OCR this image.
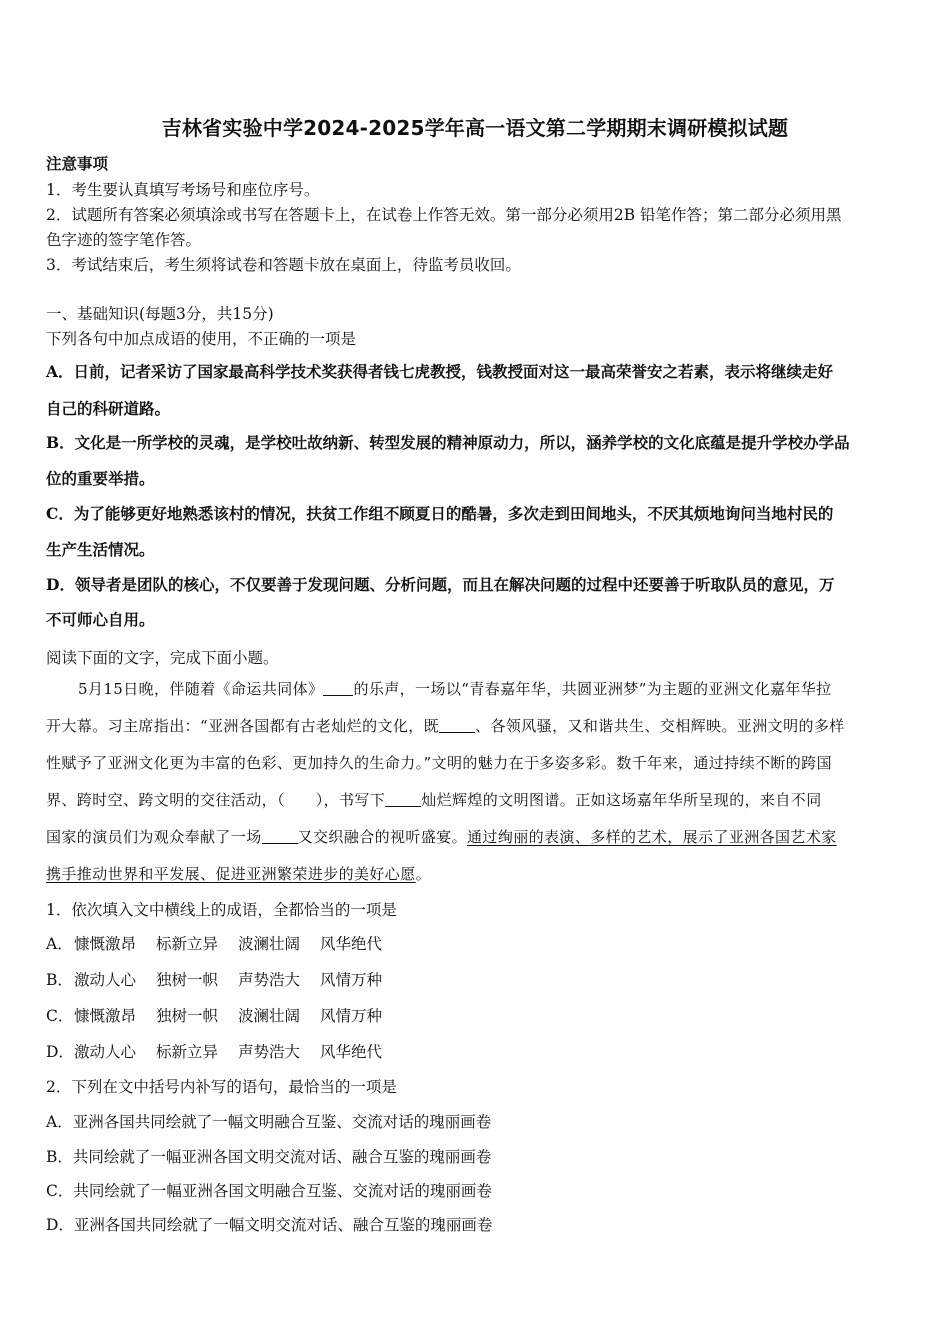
吉林省实验中学2024-2025学年高一语文第二学期期末调研模拟试题
注意事项
1．考生要认真填写考场号和座位序号。
2．试题所有答案必须填涂或书写在答题卡上，在试卷上作答无效。第一部分必须用2B 铅笔作答；第二部分必须用黑
色字迹的签字笔作答。
3．考试结束后，考生须将试卷和答题卡放在桌面上，待监考员收回。
一、基础知识(每题3分，共15分)
下列各句中加点成语的使用，不正确的一项是
A．日前，记者采访了国家最高科学技术奖获得者钱七虎教授，钱教授面对这一最高荣誉安之若素，表示将继续走好
自己的科研道路。
B．文化是一所学校的灵魂，是学校吐故纳新、转型发展的精神原动力，所以，涵养学校的文化底蕴是提升学校办学品
位的重要举措。
C．为了能够更好地熟悉该村的情况，扶贫工作组不顾夏日的酷暑，多次走到田间地头，不厌其烦地询问当地村民的
生产生活情况。
D．领导者是团队的核心，不仅要善于发现问题、分析问题，而且在解决问题的过程中还要善于听取队员的意见，万
不可师心自用。
阅读下面的文字，完成下面小题。
5月15日晚，伴随着《命运共同体》 的乐声，一场以“青春嘉年华，共圆亚洲梦”为主题的亚洲文化嘉年华拉
开大幕。习主席指出：“亚洲各国都有古老灿烂的文化，既 、各领风骚，又和谐共生、交相辉映。亚洲文明的多样
性赋予了亚洲文化更为丰富的色彩、更加持久的生命力。”文明的魅力在于多姿多彩。数千年来，通过持续不断的跨国
界、跨时空、跨文明的交往活动，（　　），书写下 灿烂辉煌的文明图谱。正如这场嘉年华所呈现的，来自不同
国家的演员们为观众奉献了一场 又交织融合的视听盛宴。通过绚丽的表演、多样的艺术，展示了亚洲各国艺术家
携手推动世界和平发展、促进亚洲繁荣进步的美好心愿。
1．依次填入文中横线上的成语，全都恰当的一项是
A．慷慨激昂 标新立异 波澜壮阔 风华绝代
B．激动人心 独树一帜 声势浩大 风情万种
C．慷慨激昂 独树一帜 波澜壮阔 风情万种
D．激动人心 标新立异 声势浩大 风华绝代
2．下列在文中括号内补写的语句，最恰当的一项是
A．亚洲各国共同绘就了一幅文明融合互鉴、交流对话的瑰丽画卷
B．共同绘就了一幅亚洲各国文明交流对话、融合互鉴的瑰丽画卷
C．共同绘就了一幅亚洲各国文明融合互鉴、交流对话的瑰丽画卷
D．亚洲各国共同绘就了一幅文明交流对话、融合互鉴的瑰丽画卷
